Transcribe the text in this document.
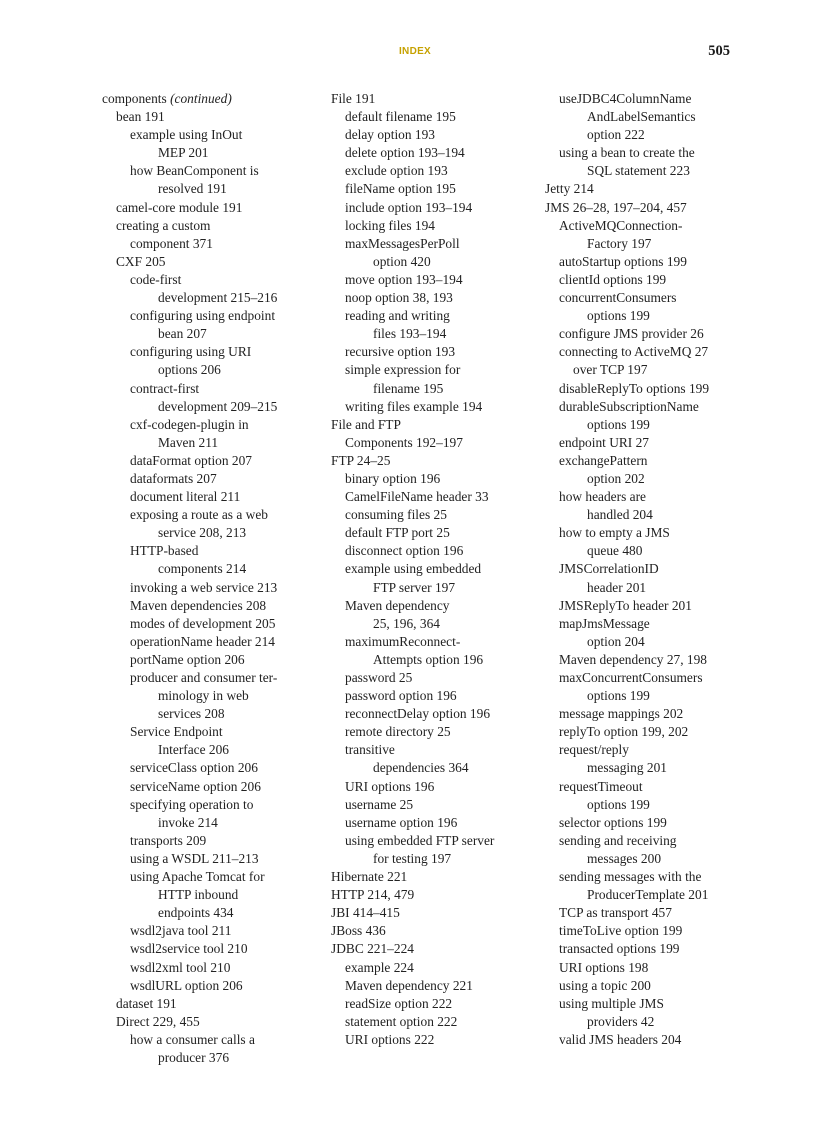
INDEX	505
components (continued)
bean 191
example using InOut
MEP 201
how BeanComponent is
resolved 191
camel-core module 191
creating a custom
component 371
CXF 205
code-first
development 215–216
configuring using endpoint
bean 207
configuring using URI
options 206
contract-first
development 209–215
cxf-codegen-plugin in
Maven 211
dataFormat option 207
dataformats 207
document literal 211
exposing a route as a web
service 208, 213
HTTP-based
components 214
invoking a web service 213
Maven dependencies 208
modes of development 205
operationName header 214
portName option 206
producer and consumer ter-
minology in web
services 208
Service Endpoint
Interface 206
serviceClass option 206
serviceName option 206
specifying operation to
invoke 214
transports 209
using a WSDL 211–213
using Apache Tomcat for
HTTP inbound
endpoints 434
wsdl2java tool 211
wsdl2service tool 210
wsdl2xml tool 210
wsdlURL option 206
dataset 191
Direct 229, 455
how a consumer calls a
producer 376
File 191
default filename 195
delay option 193
delete option 193–194
exclude option 193
fileName option 195
include option 193–194
locking files 194
maxMessagesPerPoll
option 420
move option 193–194
noop option 38, 193
reading and writing
files 193–194
recursive option 193
simple expression for
filename 195
writing files example 194
File and FTP
Components 192–197
FTP 24–25
binary option 196
CamelFileName header 33
consuming files 25
default FTP port 25
disconnect option 196
example using embedded
FTP server 197
Maven dependency
25, 196, 364
maximumReconnect-
Attempts option 196
password 25
password option 196
reconnectDelay option 196
remote directory 25
transitive
dependencies 364
URI options 196
username 25
username option 196
using embedded FTP server
for testing 197
Hibernate 221
HTTP 214, 479
JBI 414–415
JBoss 436
JDBC 221–224
example 224
Maven dependency 221
readSize option 222
statement option 222
URI options 222
useJDBC4ColumnName
AndLabelSemantics
option 222
using a bean to create the
SQL statement 223
Jetty 214
JMS 26–28, 197–204, 457
ActiveMQConnection-
Factory 197
autoStartup options 199
clientId options 199
concurrentConsumers
options 199
configure JMS provider 26
connecting to ActiveMQ 27
over TCP 197
disableReplyTo options 199
durableSubscriptionName
options 199
endpoint URI 27
exchangePattern
option 202
how headers are
handled 204
how to empty a JMS
queue 480
JMSCorrelationID
header 201
JMSReplyTo header 201
mapJmsMessage
option 204
Maven dependency 27, 198
maxConcurrentConsumers
options 199
message mappings 202
replyTo option 199, 202
request/reply
messaging 201
requestTimeout
options 199
selector options 199
sending and receiving
messages 200
sending messages with the
ProducerTemplate 201
TCP as transport 457
timeToLive option 199
transacted options 199
URI options 198
using a topic 200
using multiple JMS
providers 42
valid JMS headers 204
